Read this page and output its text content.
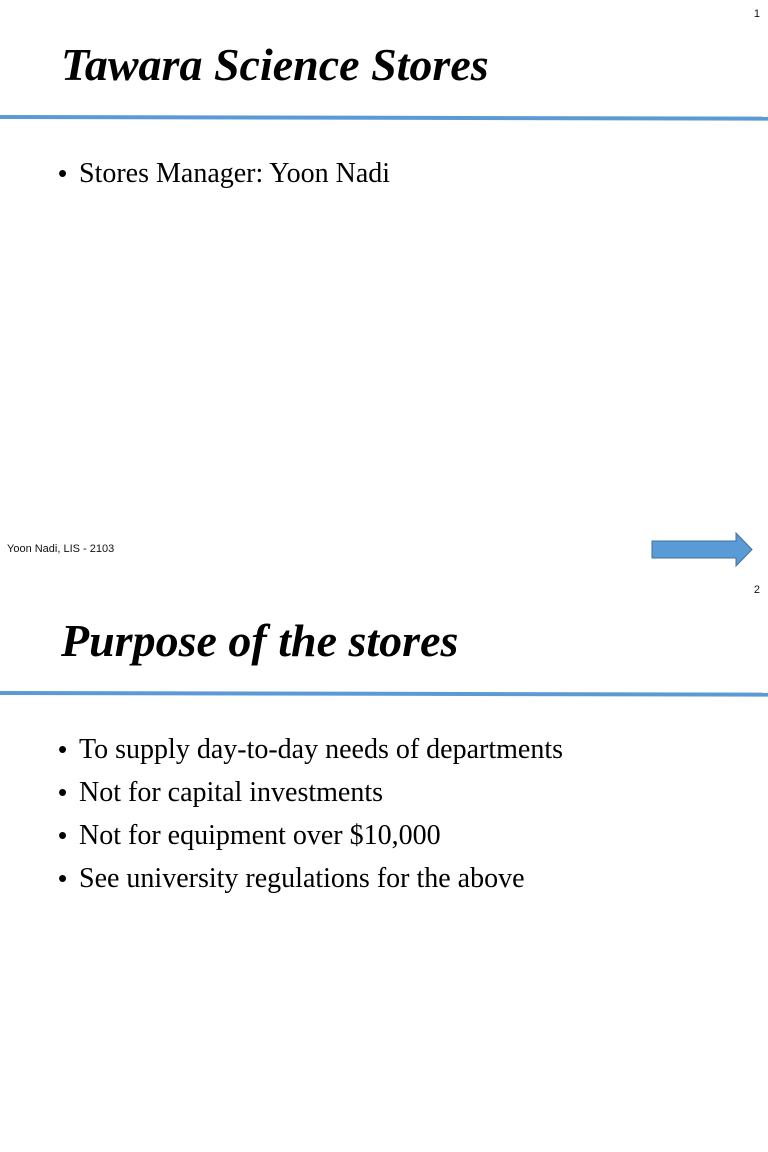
1
Tawara Science Stores
• Stores Manager: Yoon Nadi
Yoon Nadi, LIS - 2103
2
Purpose of the stores
• To supply day-to-day needs of departments
• Not for capital investments
• Not for equipment over $10,000
• See university regulations for the above
